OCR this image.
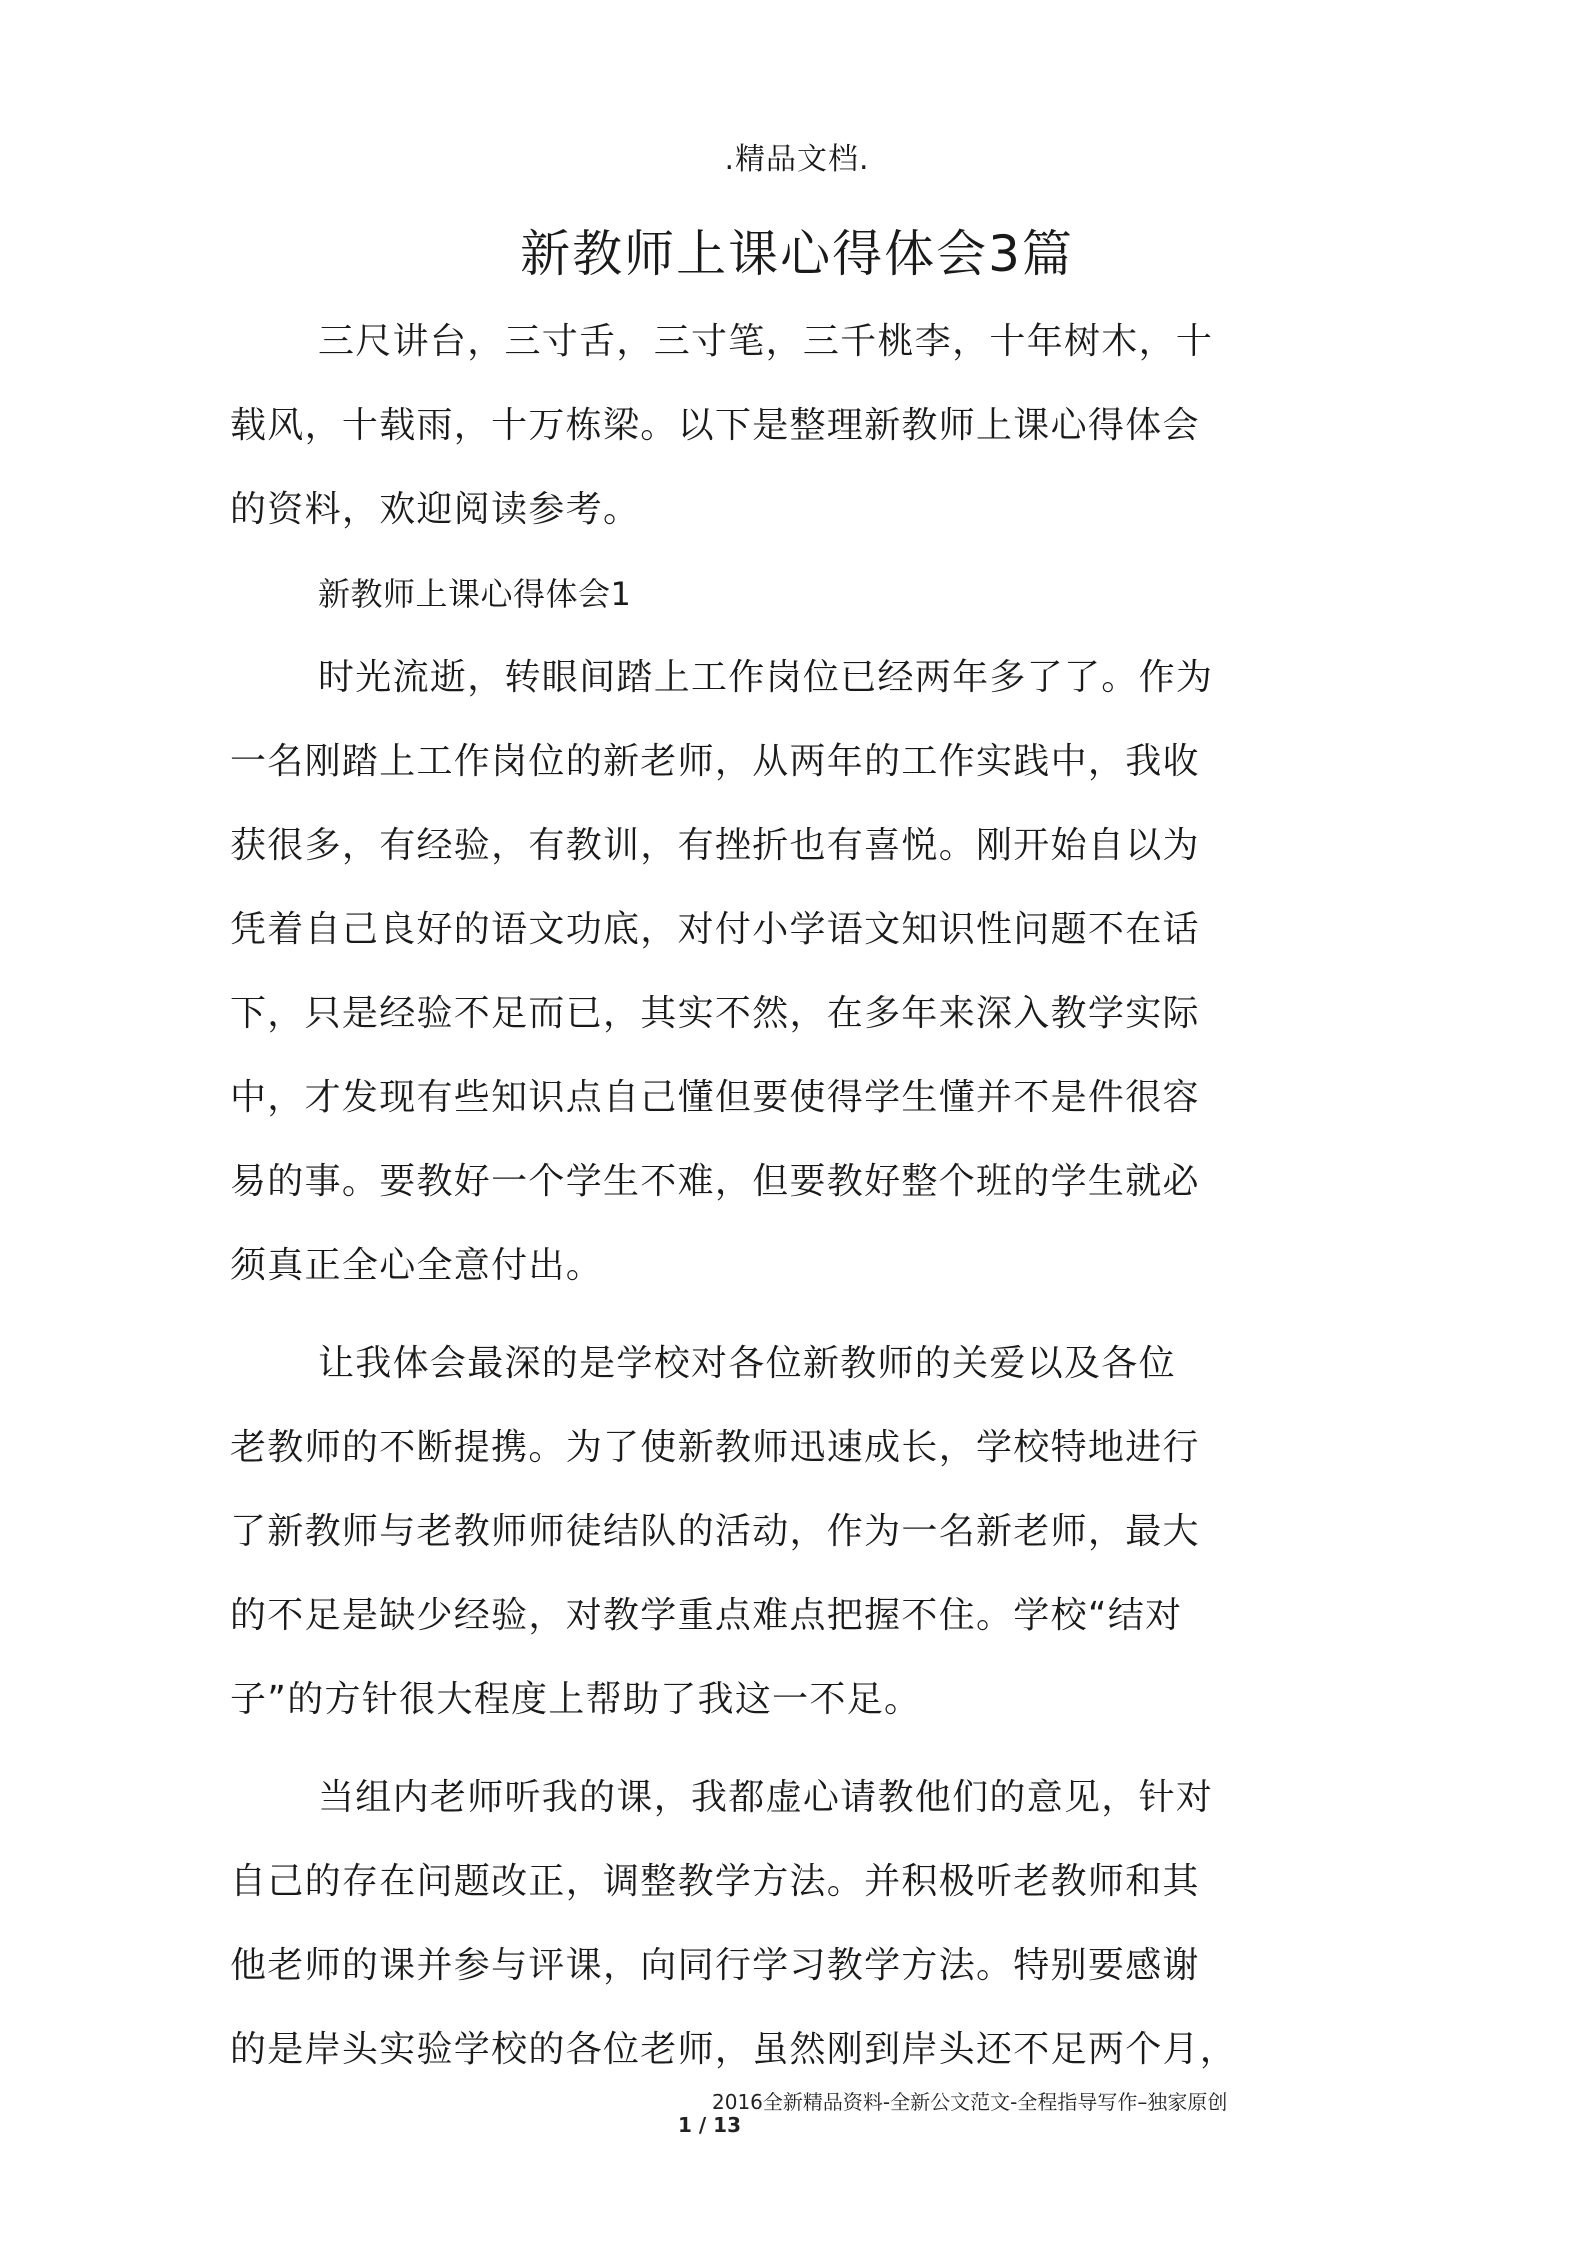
.精品文档.
新教师上课心得体会3篇
三尺讲台，三寸舌，三寸笔，三千桃李，十年树木，十
载风，十载雨，十万栋梁。以下是整理新教师上课心得体会
的资料，欢迎阅读参考。
新教师上课心得体会1
时光流逝，转眼间踏上工作岗位已经两年多了了。作为
一名刚踏上工作岗位的新老师，从两年的工作实践中，我收
获很多，有经验，有教训，有挫折也有喜悦。刚开始自以为
凭着自己良好的语文功底，对付小学语文知识性问题不在话
下，只是经验不足而已，其实不然，在多年来深入教学实际
中，才发现有些知识点自己懂但要使得学生懂并不是件很容
易的事。要教好一个学生不难，但要教好整个班的学生就必
须真正全心全意付出。
让我体会最深的是学校对各位新教师的关爱以及各位
老教师的不断提携。为了使新教师迅速成长，学校特地进行
了新教师与老教师师徒结队的活动，作为一名新老师，最大
的不足是缺少经验，对教学重点难点把握不住。学校“结对
子”的方针很大程度上帮助了我这一不足。
当组内老师听我的课，我都虚心请教他们的意见，针对
自己的存在问题改正，调整教学方法。并积极听老教师和其
他老师的课并参与评课，向同行学习教学方法。特别要感谢
的是岸头实验学校的各位老师，虽然刚到岸头还不足两个月，
2016全新精品资料-全新公文范文-全程指导写作–独家原创
1 / 13
